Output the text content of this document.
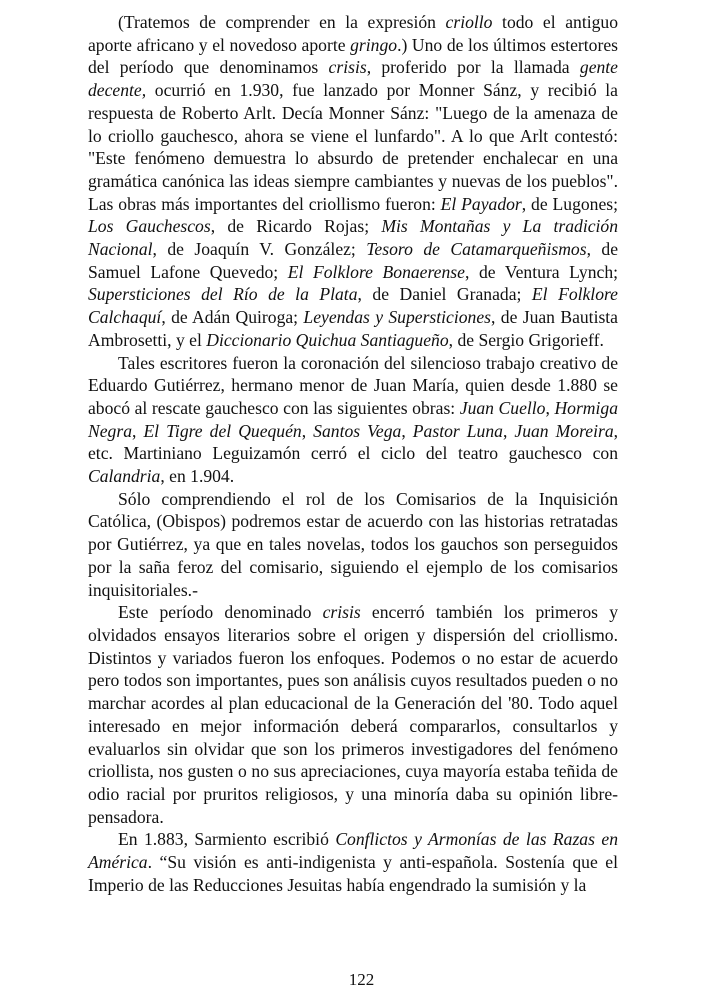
(Tratemos de comprender en la expresión criollo todo el antiguo aporte africano y el novedoso aporte gringo.) Uno de los últimos estertores del período que denominamos crisis, proferido por la llamada gente decente, ocurrió en 1.930, fue lanzado por Monner Sánz, y recibió la respuesta de Roberto Arlt. Decía Monner Sánz: "Luego de la amenaza de lo criollo gauchesco, ahora se viene el lunfardo". A lo que Arlt contestó: "Este fenómeno demuestra lo absurdo de pretender enchalecar en una gramática canónica las ideas siempre cambiantes y nuevas de los pueblos". Las obras más importantes del criollismo fueron: El Payador, de Lugones; Los Gauchescos, de Ricardo Rojas; Mis Montañas y La tradición Nacional, de Joaquín V. González; Tesoro de Catamarqueñismos, de Samuel Lafone Quevedo; El Folklore Bonaerense, de Ventura Lynch; Supersticiones del Río de la Plata, de Daniel Granada; El Folklore Calchaquí, de Adán Quiroga; Leyendas y Supersticiones, de Juan Bautista Ambrosetti, y el Diccionario Quichua Santiagueño, de Sergio Grigorieff.

Tales escritores fueron la coronación del silencioso trabajo creativo de Eduardo Gutiérrez, hermano menor de Juan María, quien desde 1.880 se abocó al rescate gauchesco con las siguientes obras: Juan Cuello, Hormiga Negra, El Tigre del Quequén, Santos Vega, Pastor Luna, Juan Moreira, etc. Martiniano Leguizamón cerró el ciclo del teatro gauchesco con Calandria, en 1.904.

Sólo comprendiendo el rol de los Comisarios de la Inquisición Católica, (Obispos) podremos estar de acuerdo con las historias retratadas por Gutiérrez, ya que en tales novelas, todos los gauchos son perseguidos por la saña feroz del comisario, siguiendo el ejemplo de los comisarios inquisitoriales.-

Este período denominado crisis encerró también los primeros y olvidados ensayos literarios sobre el origen y dispersión del criollismo. Distintos y variados fueron los enfoques. Podemos o no estar de acuerdo pero todos son importantes, pues son análisis cuyos resultados pueden o no marchar acordes al plan educacional de la Generación del '80. Todo aquel interesado en mejor información deberá compararlos, consultarlos y evaluarlos sin olvidar que son los primeros investigadores del fenómeno criollista, nos gusten o no sus apreciaciones, cuya mayoría estaba teñida de odio racial por pruritos religiosos, y una minoría daba su opinión libre-pensadora.

En 1.883, Sarmiento escribió Conflictos y Armonías de las Razas en América. “Su visión es anti-indigenista y anti-española. Sostenía que el Imperio de las Reducciones Jesuitas había engendrado la sumisión y la

122
